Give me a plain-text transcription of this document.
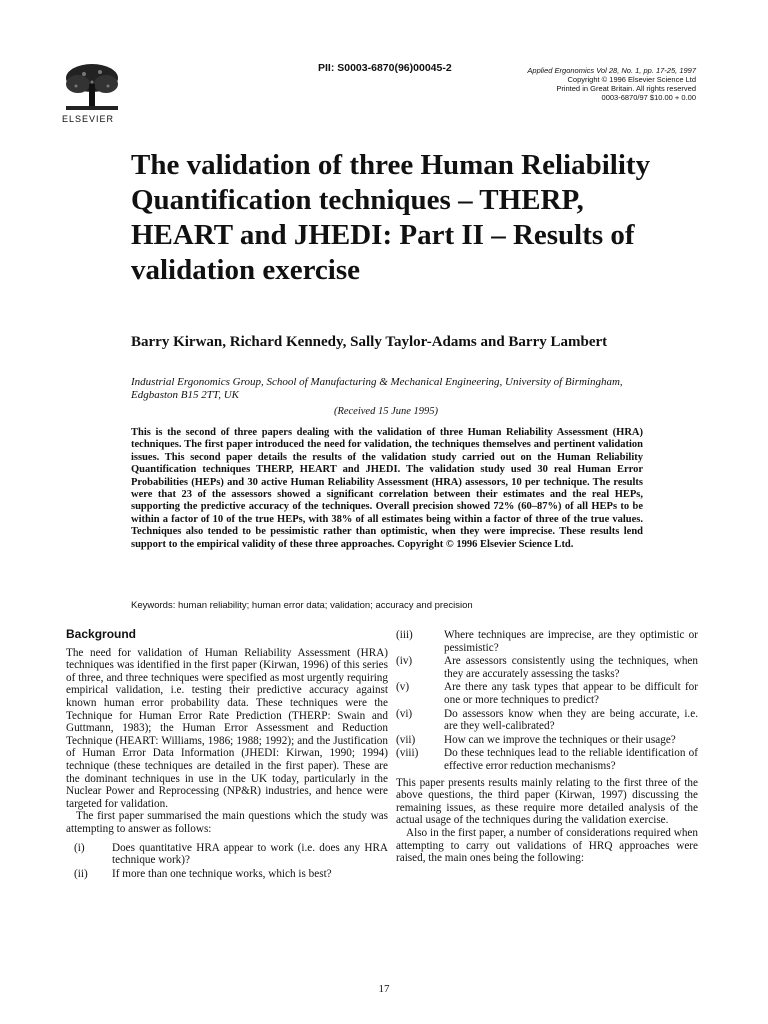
ELSEVIER
PII: S0003-6870(96)00045-2	Applied Ergonomics Vol 28, No. 1, pp. 17-25, 1997
Copyright © 1996 Elsevier Science Ltd
Printed in Great Britain. All rights reserved
0003-6870/97 $10.00 + 0.00
The validation of three Human Reliability Quantification techniques – THERP, HEART and JHEDI: Part II – Results of validation exercise
Barry Kirwan, Richard Kennedy, Sally Taylor-Adams and Barry Lambert
Industrial Ergonomics Group, School of Manufacturing & Mechanical Engineering, University of Birmingham, Edgbaston B15 2TT, UK
(Received 15 June 1995)
This is the second of three papers dealing with the validation of three Human Reliability Assessment (HRA) techniques. The first paper introduced the need for validation, the techniques themselves and pertinent validation issues. This second paper details the results of the validation study carried out on the Human Reliability Quantification techniques THERP, HEART and JHEDI. The validation study used 30 real Human Error Probabilities (HEPs) and 30 active Human Reliability Assessment (HRA) assessors, 10 per technique. The results were that 23 of the assessors showed a significant correlation between their estimates and the real HEPs, supporting the predictive accuracy of the techniques. Overall precision showed 72% (60–87%) of all HEPs to be within a factor of 10 of the true HEPs, with 38% of all estimates being within a factor of three of the true values. Techniques also tended to be pessimistic rather than optimistic, when they were imprecise. These results lend support to the empirical validity of these three approaches. Copyright © 1996 Elsevier Science Ltd.
Keywords: human reliability; human error data; validation; accuracy and precision
Background

The need for validation of Human Reliability Assessment (HRA) techniques was identified in the first paper (Kirwan, 1996) of this series of three, and three techniques were specified as most urgently requiring empirical validation, i.e. testing their predictive accuracy against known human error probability data. These techniques were the Technique for Human Error Rate Prediction (THERP: Swain and Guttmann, 1983); the Human Error Assessment and Reduction Technique (HEART: Williams, 1986; 1988; 1992); and the Justification of Human Error Data Information (JHEDI: Kirwan, 1990; 1994) technique (these techniques are detailed in the first paper). These are the dominant techniques in use in the UK today, particularly in the Nuclear Power and Reprocessing (NP&R) industries, and hence were targeted for validation.

The first paper summarised the main questions which the study was attempting to answer as follows:

(i)	Does quantitative HRA appear to work (i.e. does any HRA technique work)?
(ii)	If more than one technique works, which is best?
(iii)	Where techniques are imprecise, are they optimistic or pessimistic?
(iv)	Are assessors consistently using the techniques, when they are accurately assessing the tasks?
(v)	Are there any task types that appear to be difficult for one or more techniques to predict?
(vi)	Do assessors know when they are being accurate, i.e. are they well-calibrated?
(vii)	How can we improve the techniques or their usage?
(viii)	Do these techniques lead to the reliable identification of effective error reduction mechanisms?

This paper presents results mainly relating to the first three of the above questions, the third paper (Kirwan, 1997) discussing the remaining issues, as these require more detailed analysis of the actual usage of the techniques during the validation exercise.

Also in the first paper, a number of considerations required when attempting to carry out validations of HRQ approaches were raised, the main ones being the following:

17
